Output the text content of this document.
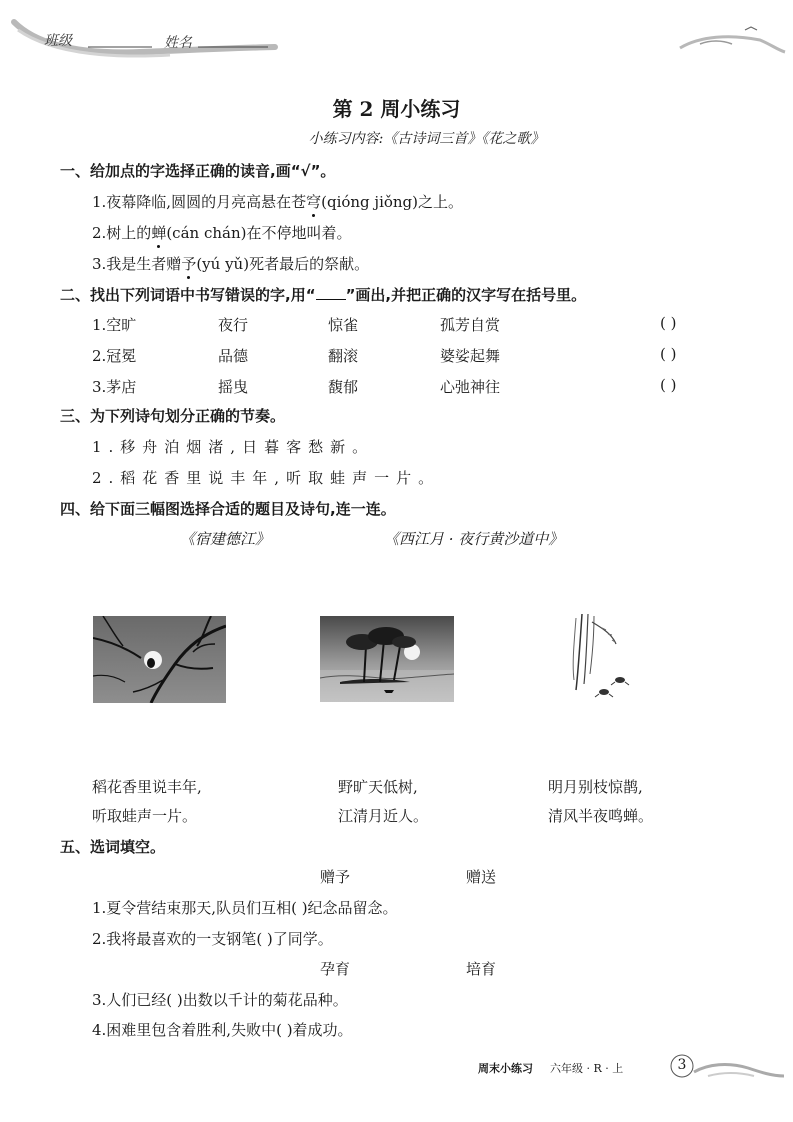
班级	姓名
第 2 周小练习
小练习内容:《古诗词三首》《花之歌》
一、给加点的字选择正确的读音,画“√”。
1.夜幕降临,圆圆的月亮高悬在苍穹(qióng jiǒng)之上。
2.树上的蝉(cán chán)在不停地叫着。
3.我是生者赠予(yú yǔ)死者最后的祭献。
二、找出下列词语中书写错误的字,用“ ”画出,并把正确的汉字写在括号里。
1.空旷	夜行	惊雀	孤芳自赏	( )
2.冠冕	品德	翻滚	婆娑起舞	( )
3.茅店	摇曳	馥郁	心弛神往	( )
三、为下列诗句划分正确的节奏。
1.移舟泊烟渚,日暮客愁新。
2.稻花香里说丰年,听取蛙声一片。
四、给下面三幅图选择合适的题目及诗句,连一连。
《宿建德江》	《西江月 · 夜行黄沙道中》
稻花香里说丰年,
听取蛙声一片。
野旷天低树,
江清月近人。
明月别枝惊鹊,
清风半夜鸣蝉。
五、选词填空。
赠予	赠送
1.夏令营结束那天,队员们互相( )纪念品留念。
2.我将最喜欢的一支钢笔( )了同学。
孕育	培育
3.人们已经( )出数以千计的菊花品种。
4.困难里包含着胜利,失败中( )着成功。
周末小练习 六年级 · R · 上	3
